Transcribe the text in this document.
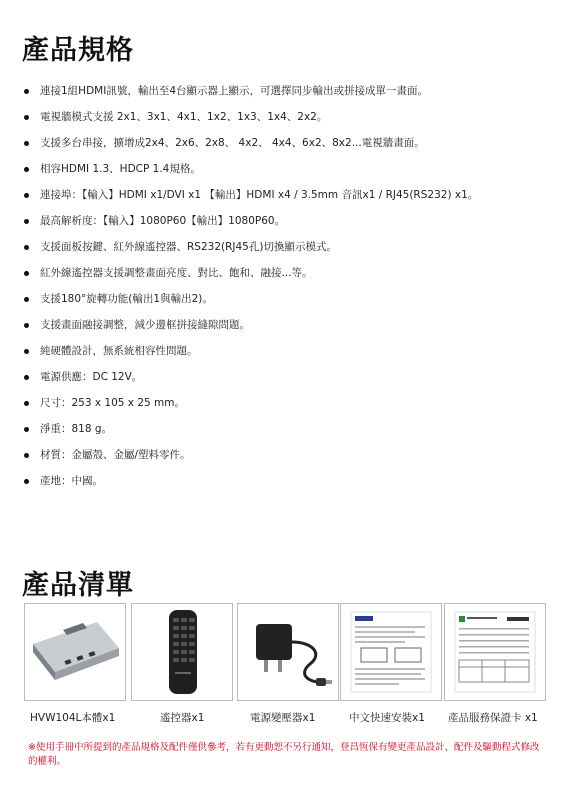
產品規格
連接1組HDMI訊號，輸出至4台顯示器上顯示，可選擇同步輸出或拼接成單一畫面。
電視牆模式支援 2x1、3x1、4x1、1x2、1x3、1x4、2x2。
支援多台串接，擴增成2x4、2x6、2x8、 4x2、 4x4、6x2、8x2...電視牆畫面。
相容HDMI 1.3、HDCP 1.4規格。
連接埠：【輸入】HDMI x1/DVI x1 【輸出】HDMI x4 / 3.5mm 音訊x1 / RJ45(RS232) x1。
最高解析度：【輸入】1080P60【輸出】1080P60。
支援面板按鍵、紅外線遙控器、RS232(RJ45孔)切換顯示模式。
紅外線遙控器支援調整畫面亮度、對比、飽和、融接...等。
支援180°旋轉功能(輸出1與輸出2)。
支援畫面融接調整，減少邊框拼接縫隙問題。
純硬體設計，無系統相容性問題。
電源供應：DC 12V。
尺寸：253 x 105 x 25 mm。
淨重：818 g。
材質：金屬殼、金屬/塑料零件。
產地：中國。
產品清單
HVW104L本體x1	遙控器x1	電源變壓器x1	中文快速安裝x1 產品服務保證卡 x1
※使用手冊中所提到的產品規格及配件僅供參考，若有更動恕不另行通知，登昌恆保有變更產品設計、配件及驅動程式修改的權利。
